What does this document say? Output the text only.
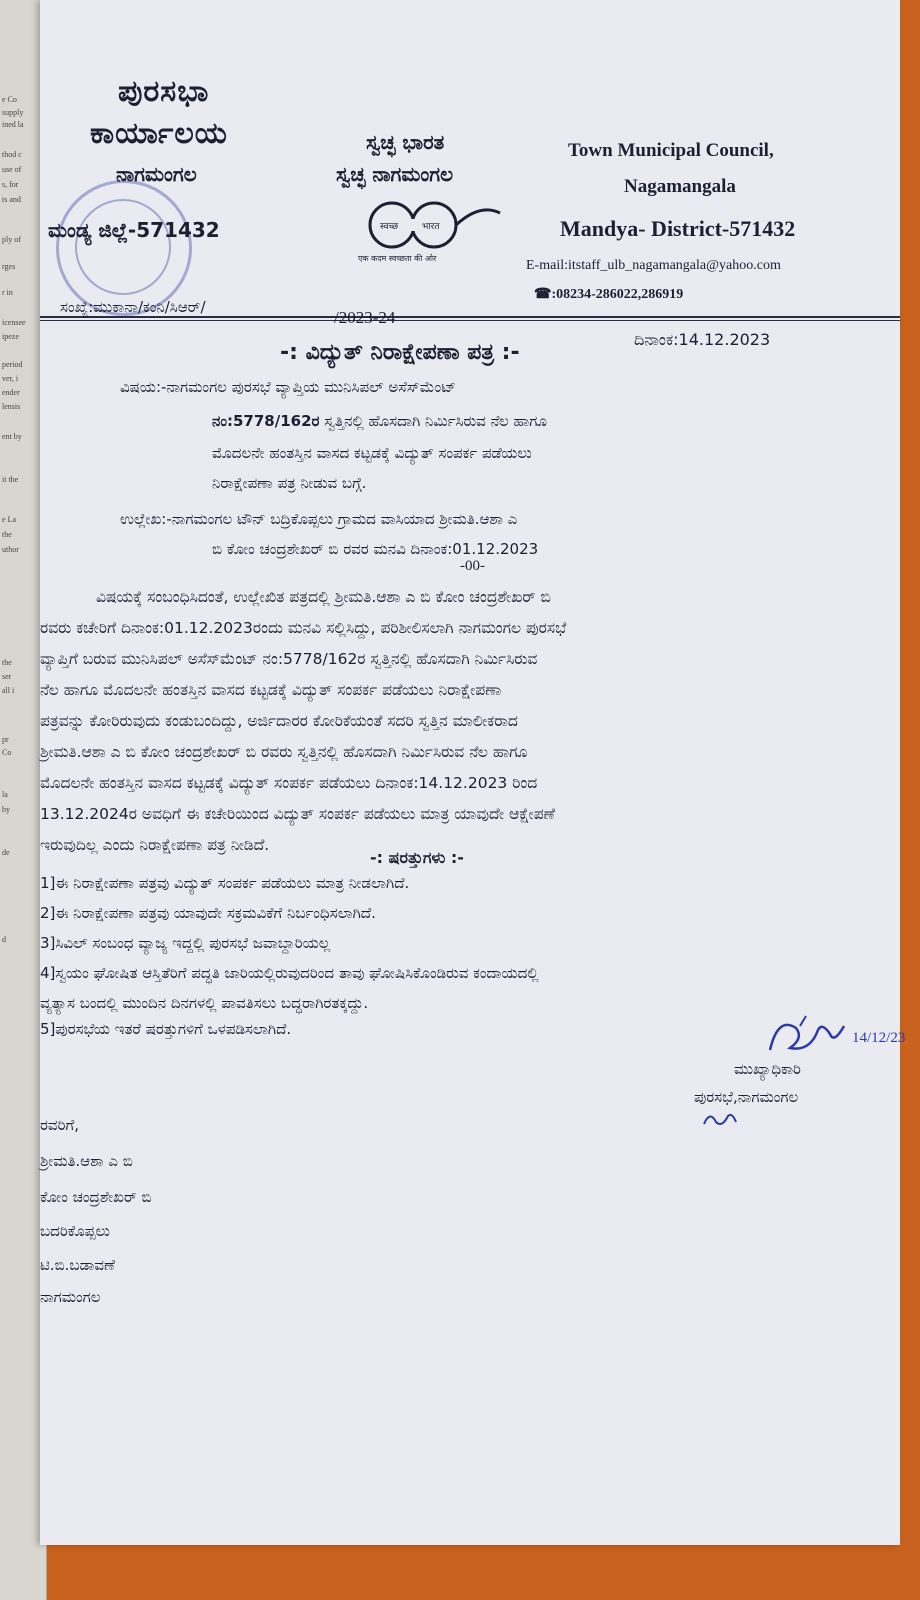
e Co
supply
ined la
thod c
use of
s, for
ts and
ply of
rges
r in
icensee
ipeze
period
ver, i
ender
lensis
ent by
it the
e La
the
uthor
the
ser
all i
pr
Co
la
by
de
d
ಪುರಸಭಾ
ಕಾರ್ಯಾಲಯ
ನಾಗಮಂಗಲ
ಮಂಡ್ಯ ಜಿಲ್ಲೆ-571432
ಸ್ವಚ್ಛ ಭಾರತ
ಸ್ವಚ್ಛ ನಾಗಮಂಗಲ
स्वच्छ	भारत
एक कदम स्वच्छता की ओर
Town Municipal Council,
Nagamangala
Mandya- District-571432
E-mail:itstaff_ulb_nagamangala@yahoo.com
☎:08234-286022,286919
ಸಂಖ್ಯೆ:ಮುಕಾನಾ/ಕಂನಿ/ಸಿಆರ್/
/2023-24
ದಿನಾಂಕ:14.12.2023
-: ವಿದ್ಯುತ್ ನಿರಾಕ್ಷೇಪಣಾ ಪತ್ರ :-
ವಿಷಯ:-ನಾಗಮಂಗಲ ಪುರಸಭೆ ವ್ಯಾಪ್ತಿಯ ಮುನಿಸಿಪಲ್ ಅಸೆಸ್‌ಮೆಂಟ್
ನಂ:5778/162ರ ಸ್ವತ್ತಿನಲ್ಲಿ ಹೊಸದಾಗಿ ನಿರ್ಮಿಸಿರುವ ನೆಲ ಹಾಗೂ
ಮೊದಲನೇ ಹಂತಸ್ತಿನ ವಾಸದ ಕಟ್ಟಡಕ್ಕೆ ವಿದ್ಯುತ್ ಸಂಪರ್ಕ ಪಡೆಯಲು
ನಿರಾಕ್ಷೇಪಣಾ ಪತ್ರ ನೀಡುವ ಬಗ್ಗೆ.
ಉಲ್ಲೇಖ:-ನಾಗಮಂಗಲ ಟೌನ್ ಬದ್ರಿಕೊಪ್ಪಲು ಗ್ರಾಮದ ವಾಸಿಯಾದ ಶ್ರೀಮತಿ.ಆಶಾ ಎ
ಬಿ ಕೋಂ ಚಂದ್ರಶೇಖರ್ ಬಿ ರವರ ಮನವಿ ದಿನಾಂಕ:01.12.2023
-00-
ವಿಷಯಕ್ಕೆ ಸಂಬಂಧಿಸಿದಂತೆ, ಉಲ್ಲೇಖಿತ ಪತ್ರದಲ್ಲಿ ಶ್ರೀಮತಿ.ಆಶಾ ಎ ಬಿ ಕೋಂ ಚಂದ್ರಶೇಖರ್ ಬಿ
ರವರು ಕಚೇರಿಗೆ ದಿನಾಂಕ:01.12.2023ರಂದು ಮನವಿ ಸಲ್ಲಿಸಿದ್ದು, ಪರಿಶೀಲಿಸಲಾಗಿ ನಾಗಮಂಗಲ ಪುರಸಭೆ
ವ್ಯಾಪ್ತಿಗೆ ಬರುವ ಮುನಿಸಿಪಲ್ ಅಸೆಸ್‌ಮೆಂಟ್ ನಂ:5778/162ರ ಸ್ವತ್ತಿನಲ್ಲಿ ಹೊಸದಾಗಿ ನಿರ್ಮಿಸಿರುವ
ನೆಲ ಹಾಗೂ ಮೊದಲನೇ ಹಂತಸ್ತಿನ ವಾಸದ ಕಟ್ಟಡಕ್ಕೆ ವಿದ್ಯುತ್ ಸಂಪರ್ಕ ಪಡೆಯಲು ನಿರಾಕ್ಷೇಪಣಾ
ಪತ್ರವನ್ನು ಕೋರಿರುವುದು ಕಂಡುಬಂದಿದ್ದು, ಅರ್ಜಿದಾರರ ಕೋರಿಕೆಯಂತೆ ಸದರಿ ಸ್ವತ್ತಿನ ಮಾಲೀಕರಾದ
ಶ್ರೀಮತಿ.ಆಶಾ ಎ ಬಿ ಕೋಂ ಚಂದ್ರಶೇಖರ್ ಬಿ ರವರು ಸ್ವತ್ತಿನಲ್ಲಿ ಹೊಸದಾಗಿ ನಿರ್ಮಿಸಿರುವ ನೆಲ ಹಾಗೂ
ಮೊದಲನೇ ಹಂತಸ್ತಿನ ವಾಸದ ಕಟ್ಟಡಕ್ಕೆ ವಿದ್ಯುತ್ ಸಂಪರ್ಕ ಪಡೆಯಲು ದಿನಾಂಕ:14.12.2023 ರಿಂದ
13.12.2024ರ ಅವಧಿಗೆ ಈ ಕಚೇರಿಯಿಂದ ವಿದ್ಯುತ್ ಸಂಪರ್ಕ ಪಡೆಯಲು ಮಾತ್ರ ಯಾವುದೇ ಆಕ್ಷೇಪಣೆ
ಇರುವುದಿಲ್ಲ ಎಂದು ನಿರಾಕ್ಷೇಪಣಾ ಪತ್ರ ನೀಡಿದೆ.
-: ಷರತ್ತುಗಳು :-
1]ಈ ನಿರಾಕ್ಷೇಪಣಾ ಪತ್ರವು ವಿದ್ಯುತ್ ಸಂಪರ್ಕ ಪಡೆಯಲು ಮಾತ್ರ ನೀಡಲಾಗಿದೆ.
2]ಈ ನಿರಾಕ್ಷೇಪಣಾ ಪತ್ರವು ಯಾವುದೇ ಸಕ್ರಮವಿಕೆಗೆ ನಿರ್ಬಂಧಿಸಲಾಗಿದೆ.
3]ಸಿವಿಲ್ ಸಂಬಂಧ ವ್ಯಾಜ್ಯ ಇದ್ದಲ್ಲಿ ಪುರಸಭೆ ಜವಾಬ್ದಾರಿಯಲ್ಲ
4]ಸ್ವಯಂ ಘೋಷಿತ ಆಸ್ತಿತೆರಿಗೆ ಪದ್ಧತಿ ಜಾರಿಯಲ್ಲಿರುವುದರಿಂದ ತಾವು ಘೋಷಿಸಿಕೊಂಡಿರುವ ಕಂದಾಯದಲ್ಲಿ
ವ್ಯತ್ಯಾಸ ಬಂದಲ್ಲಿ ಮುಂದಿನ ದಿನಗಳಲ್ಲಿ ಪಾವತಿಸಲು ಬದ್ಧರಾಗಿರತಕ್ಕದ್ದು.
5]ಪುರಸಭೆಯ ಇತರೆ ಷರತ್ತುಗಳಿಗೆ ಒಳಪಡಿಸಲಾಗಿದೆ.	14/12/23
ಮುಖ್ಯಾಧಿಕಾರಿ
ಪುರಸಭೆ,ನಾಗಮಂಗಲ
ರವರಿಗೆ,
ಶ್ರೀಮತಿ.ಆಶಾ ಎ ಬಿ
ಕೋಂ ಚಂದ್ರಶೇಖರ್ ಬಿ
ಬದರಿಕೊಪ್ಪಲು
ಟಿ.ಬಿ.ಬಡಾವಣೆ
ನಾಗಮಂಗಲ
